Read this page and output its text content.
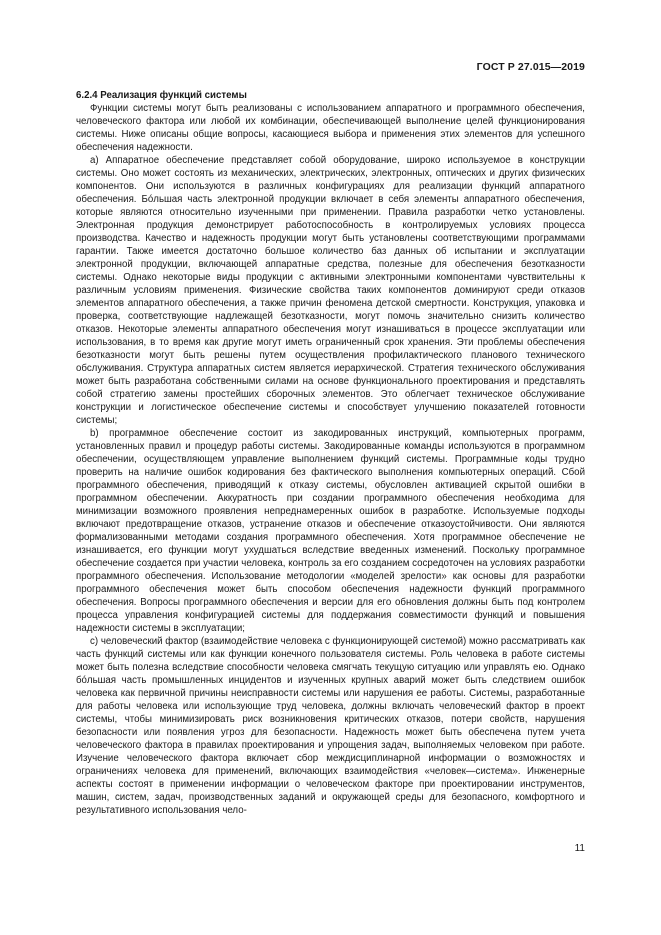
ГОСТ Р 27.015—2019
6.2.4 Реализация функций системы

Функции системы могут быть реализованы с использованием аппаратного и программного обеспечения, человеческого фактора или любой их комбинации, обеспечивающей выполнение целей функционирования системы. Ниже описаны общие вопросы, касающиеся выбора и применения этих элементов для успешного обеспечения надежности.

а) Аппаратное обеспечение представляет собой оборудование, широко используемое в конструкции системы. Оно может состоять из механических, электрических, электронных, оптических и других физических компонентов. Они используются в различных конфигурациях для реализации функций аппаратного обеспечения. Бóльшая часть электронной продукции включает в себя элементы аппаратного обеспечения, которые являются относительно изученными при применении. Правила разработки четко установлены. Электронная продукция демонстрирует работоспособность в контролируемых условиях процесса производства. Качество и надежность продукции могут быть установлены соответствующими программами гарантии. Также имеется достаточно большое количество баз данных об испытании и эксплуатации электронной продукции, включающей аппаратные средства, полезные для обеспечения безотказности системы. Однако некоторые виды продукции с активными электронными компонентами чувствительны к различным условиям применения. Физические свойства таких компонентов доминируют среди отказов элементов аппаратного обеспечения, а также причин феномена детской смертности. Конструкция, упаковка и проверка, соответствующие надлежащей безотказности, могут помочь значительно снизить количество отказов. Некоторые элементы аппаратного обеспечения могут изнашиваться в процессе эксплуатации или использования, в то время как другие могут иметь ограниченный срок хранения. Эти проблемы обеспечения безотказности могут быть решены путем осуществления профилактического планового технического обслуживания. Структура аппаратных систем является иерархической. Стратегия технического обслуживания может быть разработана собственными силами на основе функционального проектирования и представлять собой стратегию замены простейших сборочных элементов. Это облегчает техническое обслуживание конструкции и логистическое обеспечение системы и способствует улучшению показателей готовности системы;

b) программное обеспечение состоит из закодированных инструкций, компьютерных программ, установленных правил и процедур работы системы. Закодированные команды используются в программном обеспечении, осуществляющем управление выполнением функций системы. Программные коды трудно проверить на наличие ошибок кодирования без фактического выполнения компьютерных операций. Сбой программного обеспечения, приводящий к отказу системы, обусловлен активацией скрытой ошибки в программном обеспечении. Аккуратность при создании программного обеспечения необходима для минимизации возможного проявления непреднамеренных ошибок в разработке. Используемые подходы включают предотвращение отказов, устранение отказов и обеспечение отказоустойчивости. Они являются формализованными методами создания программного обеспечения. Хотя программное обеспечение не изнашивается, его функции могут ухудшаться вследствие введенных изменений. Поскольку программное обеспечение создается при участии человека, контроль за его созданием сосредоточен на условиях разработки программного обеспечения. Использование методологии «моделей зрелости» как основы для разработки программного обеспечения может быть способом обеспечения надежности функций программного обеспечения. Вопросы программного обеспечения и версии для его обновления должны быть под контролем процесса управления конфигурацией системы для поддержания совместимости функций и повышения надежности системы в эксплуатации;

c) человеческий фактор (взаимодействие человека с функционирующей системой) можно рассматривать как часть функций системы или как функции конечного пользователя системы. Роль человека в работе системы может быть полезна вследствие способности человека смягчать текущую ситуацию или управлять ею. Однако бóльшая часть промышленных инцидентов и изученных крупных аварий может быть следствием ошибок человека как первичной причины неисправности системы или нарушения ее работы. Системы, разработанные для работы человека или использующие труд человека, должны включать человеческий фактор в проект системы, чтобы минимизировать риск возникновения критических отказов, потери свойств, нарушения безопасности или появления угроз для безопасности. Надежность может быть обеспечена путем учета человеческого фактора в правилах проектирования и упрощения задач, выполняемых человеком при работе. Изучение человеческого фактора включает сбор междисциплинарной информации о возможностях и ограничениях человека для применений, включающих взаимодействия «человек—система». Инженерные аспекты состоят в применении информации о человеческом факторе при проектировании инструментов, машин, систем, задач, производственных заданий и окружающей среды для безопасного, комфортного и результативного использования чело-

11
